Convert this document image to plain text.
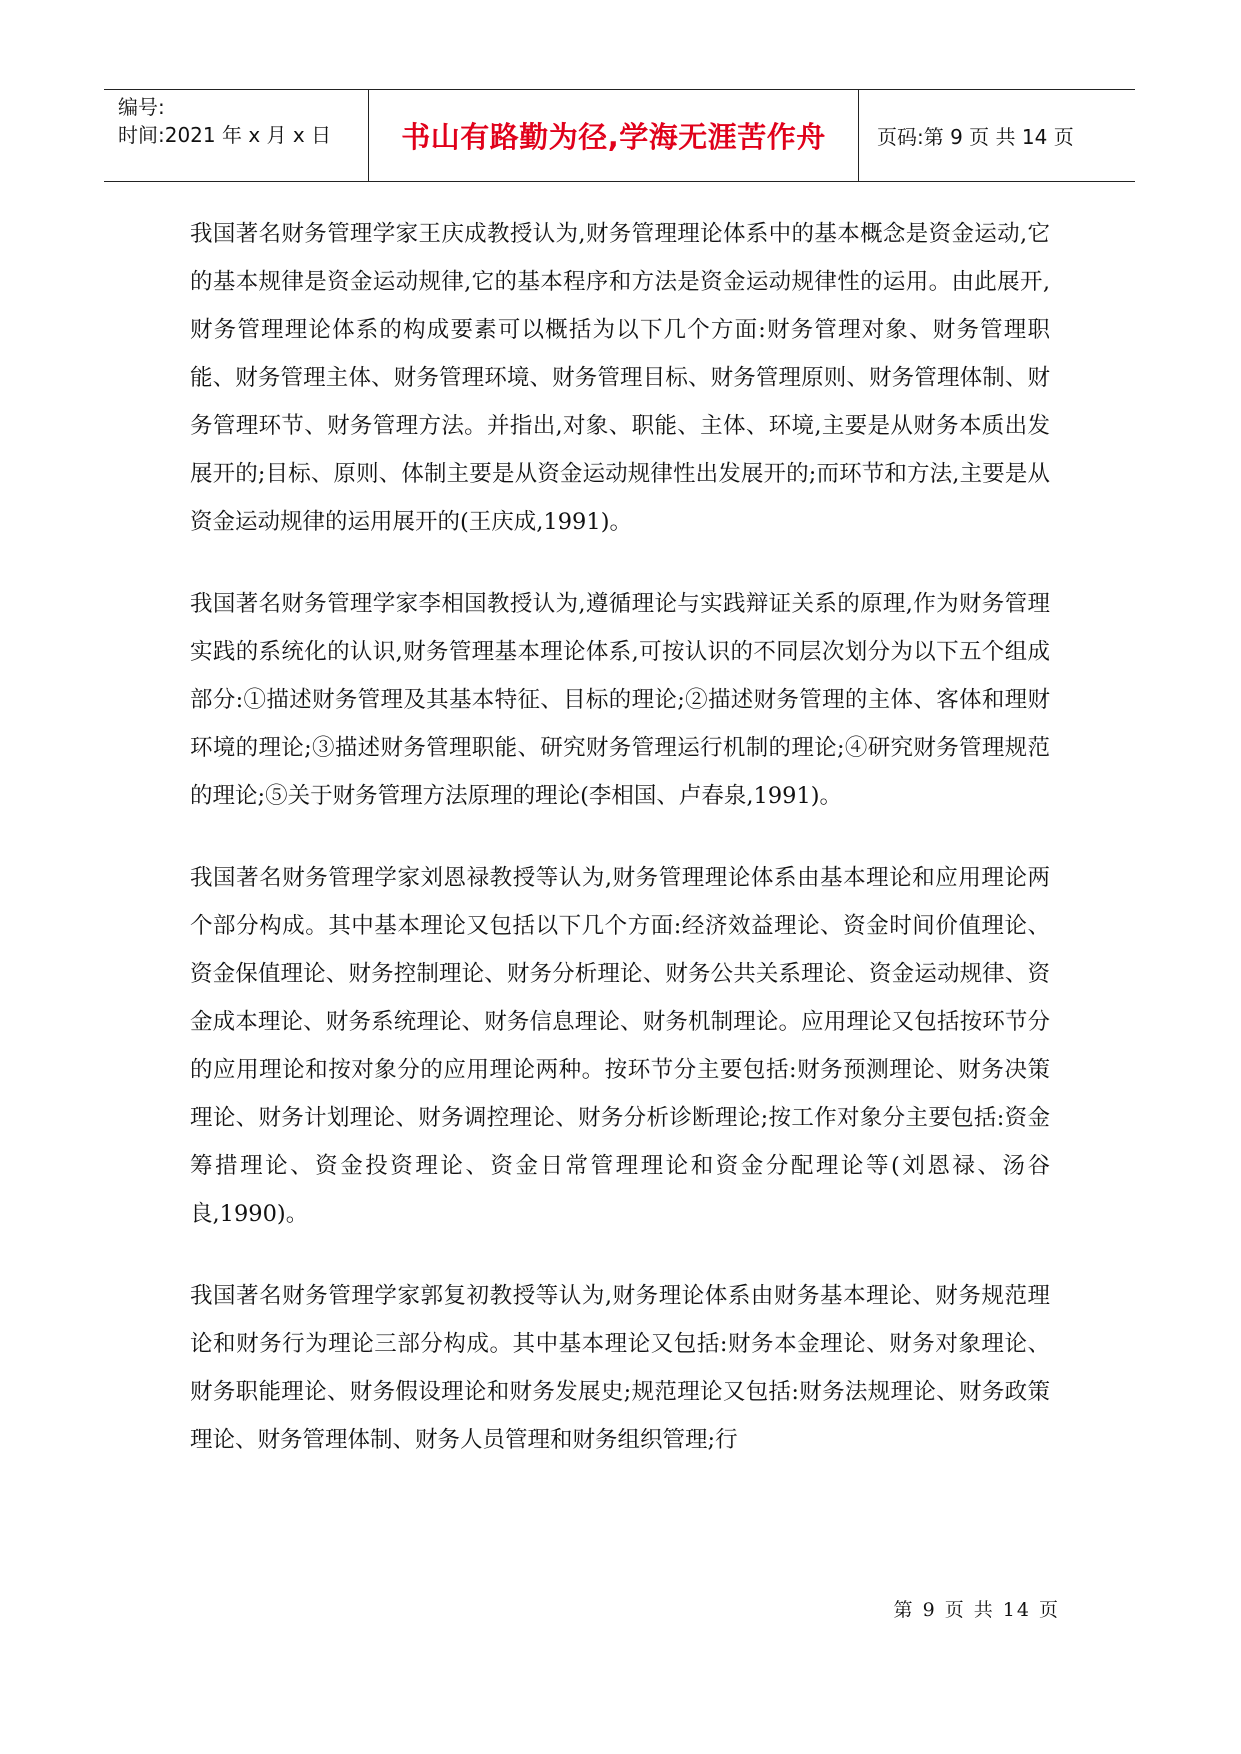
编号:
时间:2021 年 x 月 x 日	书山有路勤为径,学海无涯苦作舟	页码:第 9 页 共 14 页

我国著名财务管理学家王庆成教授认为,财务管理理论体系中的基本概念是资金运动,它的基本规律是资金运动规律,它的基本程序和方法是资金运动规律性的运用。由此展开,财务管理理论体系的构成要素可以概括为以下几个方面:财务管理对象、财务管理职能、财务管理主体、财务管理环境、财务管理目标、财务管理原则、财务管理体制、财务管理环节、财务管理方法。并指出,对象、职能、主体、环境,主要是从财务本质出发展开的;目标、原则、体制主要是从资金运动规律性出发展开的;而环节和方法,主要是从资金运动规律的运用展开的(王庆成,1991)。

我国著名财务管理学家李相国教授认为,遵循理论与实践辩证关系的原理,作为财务管理实践的系统化的认识,财务管理基本理论体系,可按认识的不同层次划分为以下五个组成部分:①描述财务管理及其基本特征、目标的理论;②描述财务管理的主体、客体和理财环境的理论;③描述财务管理职能、研究财务管理运行机制的理论;④研究财务管理规范的理论;⑤关于财务管理方法原理的理论(李相国、卢春泉,1991)。

我国著名财务管理学家刘恩禄教授等认为,财务管理理论体系由基本理论和应用理论两个部分构成。其中基本理论又包括以下几个方面:经济效益理论、资金时间价值理论、资金保值理论、财务控制理论、财务分析理论、财务公共关系理论、资金运动规律、资金成本理论、财务系统理论、财务信息理论、财务机制理论。应用理论又包括按环节分的应用理论和按对象分的应用理论两种。按环节分主要包括:财务预测理论、财务决策理论、财务计划理论、财务调控理论、财务分析诊断理论;按工作对象分主要包括:资金筹措理论、资金投资理论、资金日常管理理论和资金分配理论等(刘恩禄、汤谷良,1990)。

我国著名财务管理学家郭复初教授等认为,财务理论体系由财务基本理论、财务规范理论和财务行为理论三部分构成。其中基本理论又包括:财务本金理论、财务对象理论、财务职能理论、财务假设理论和财务发展史;规范理论又包括:财务法规理论、财务政策理论、财务管理体制、财务人员管理和财务组织管理;行

第 9 页 共 14 页
